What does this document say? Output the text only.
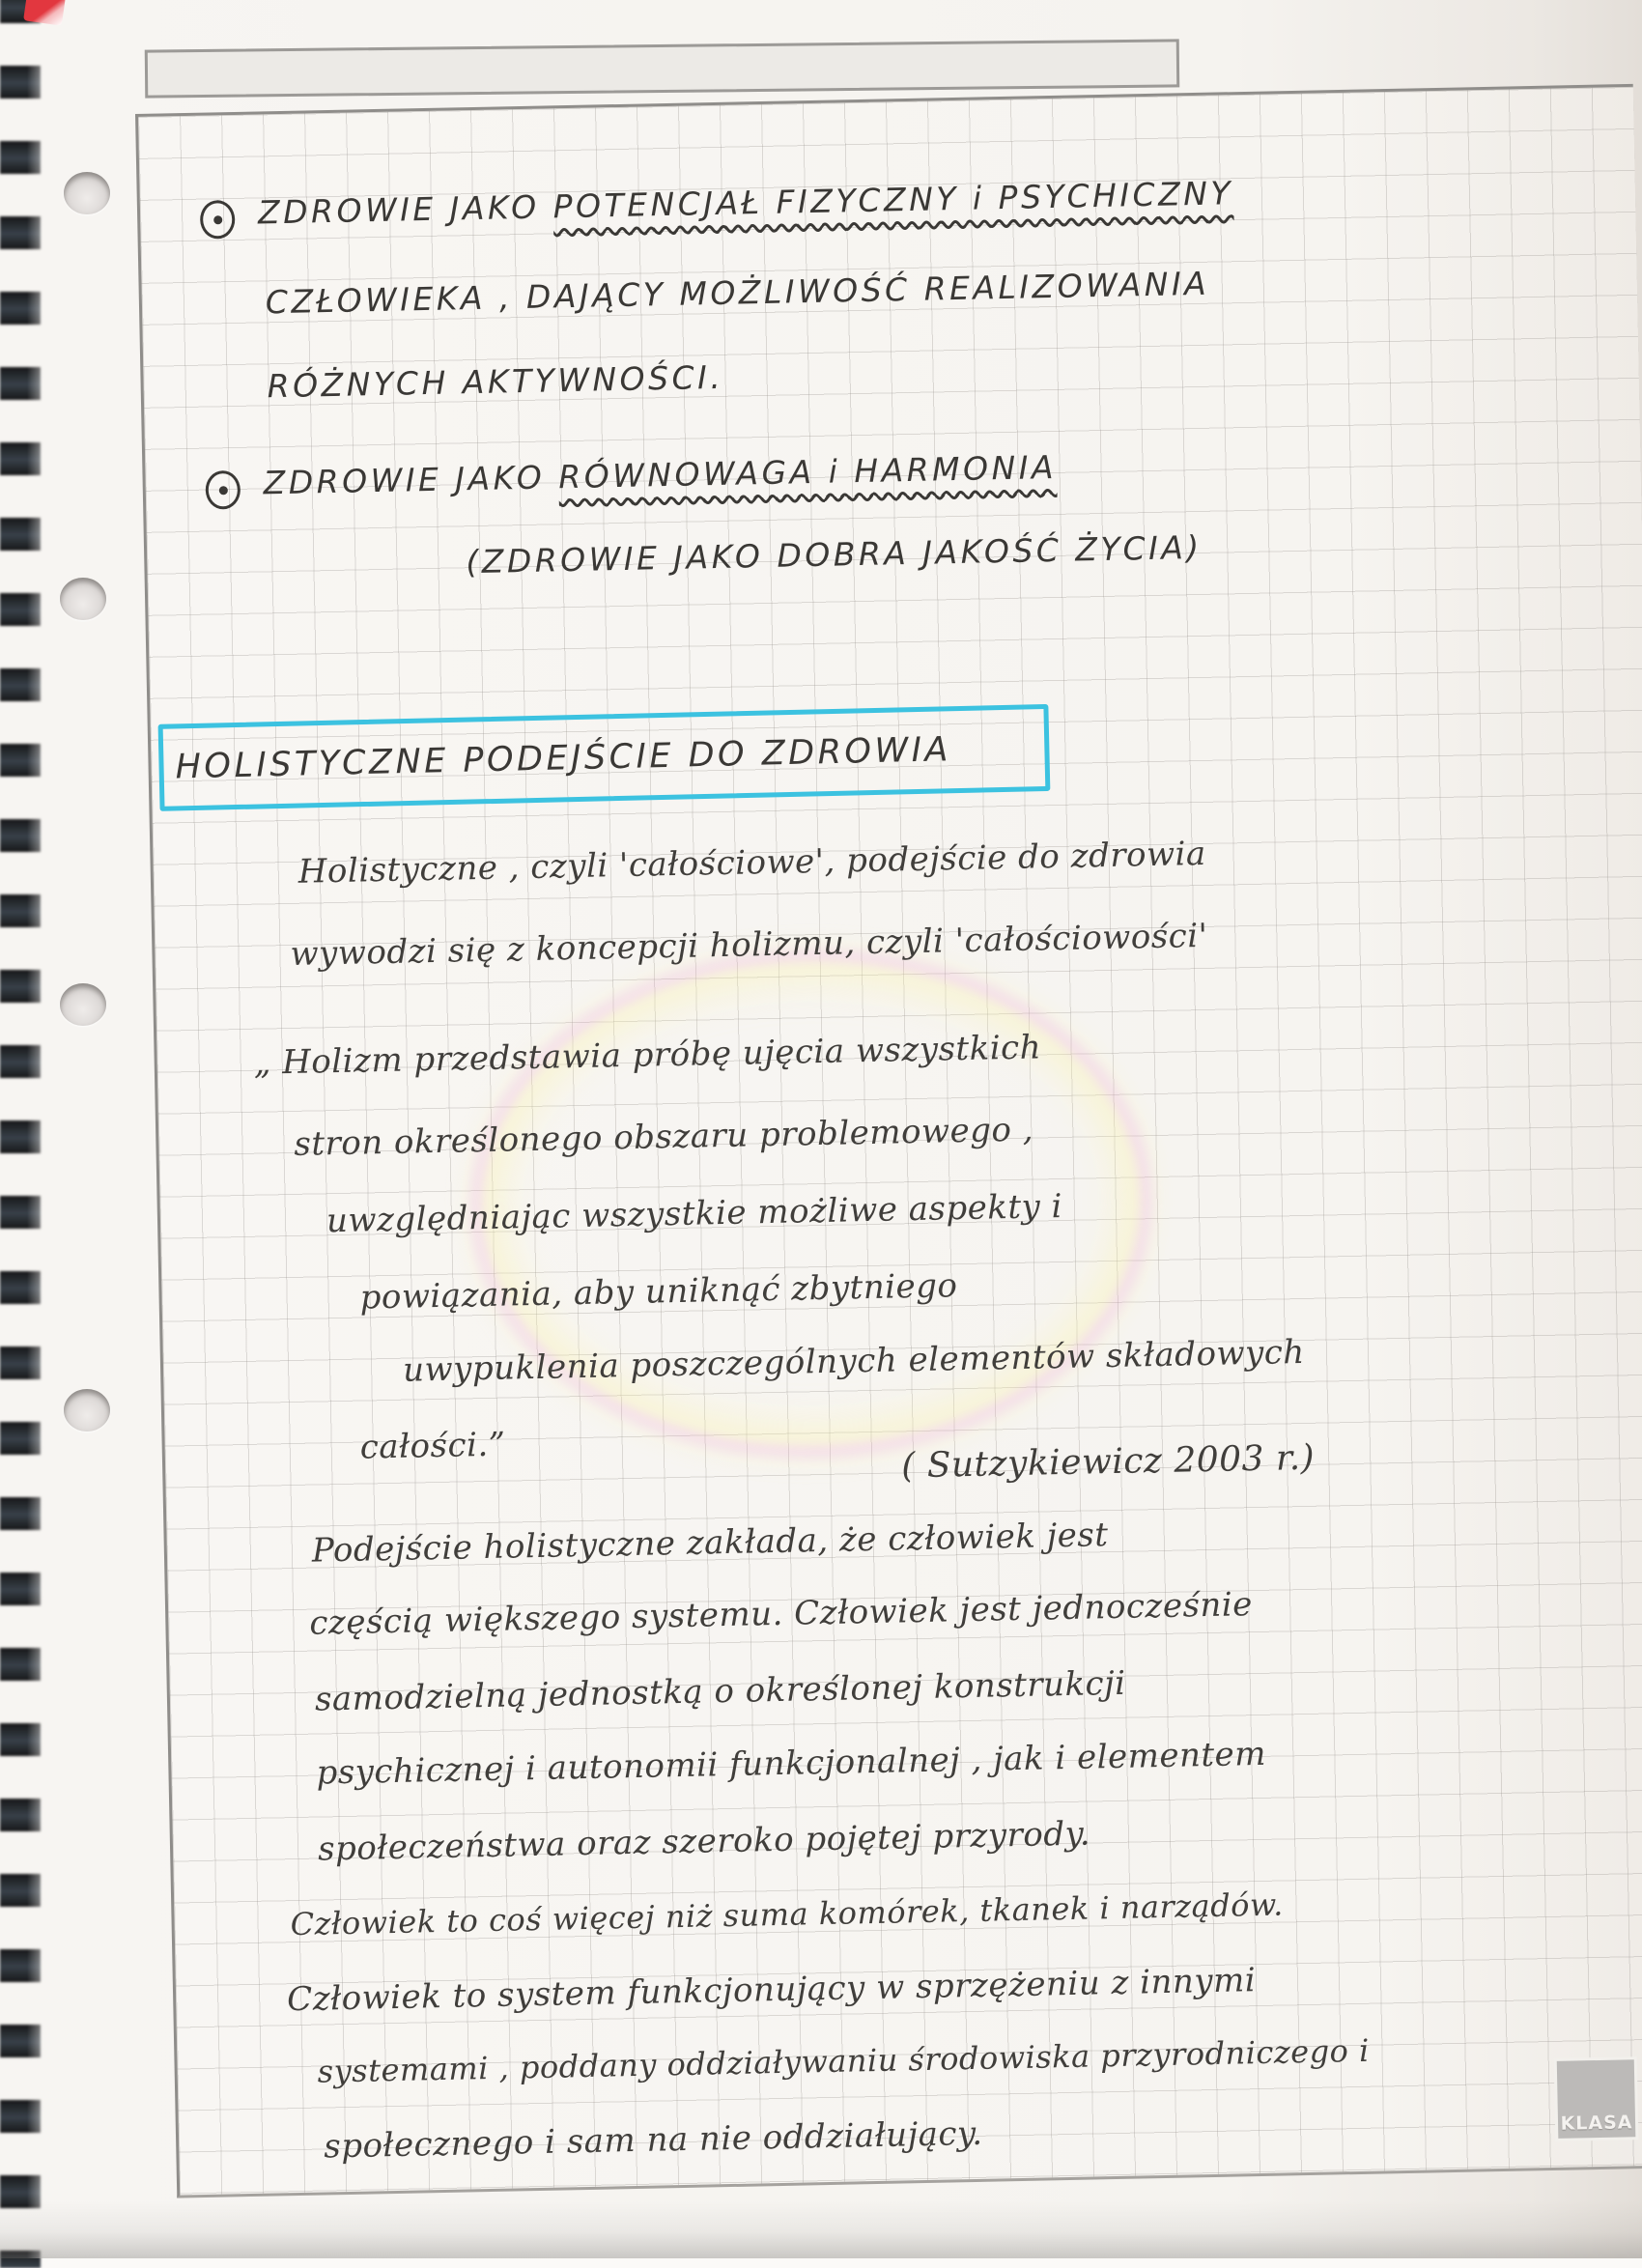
ZDROWIE JAKO POTENCJAŁ FIZYCZNY i PSYCHICZNY
CZŁOWIEKA , DAJĄCY MOŻLIWOŚĆ REALIZOWANIA
RÓŻNYCH AKTYWNOŚCI.
ZDROWIE JAKO RÓWNOWAGA i HARMONIA
(ZDROWIE JAKO DOBRA JAKOŚĆ ŻYCIA)
HOLISTYCZNE PODEJŚCIE DO ZDROWIA
Holistyczne , czyli 'całościowe', podejście do zdrowia
wywodzi się z koncepcji holizmu, czyli 'całościowości'
„ Holizm przedstawia próbę ujęcia wszystkich
stron określonego obszaru problemowego ,
uwzględniając wszystkie możliwe aspekty i
powiązania, aby uniknąć zbytniego
uwypuklenia poszczególnych elementów składowych
całości.”	( Sutzykiewicz 2003 r.)
Podejście holistyczne zakłada, że człowiek jest
częścią większego systemu. Człowiek jest jednocześnie
samodzielną jednostką o określonej konstrukcji
psychicznej i autonomii funkcjonalnej , jak i elementem
społeczeństwa oraz szeroko pojętej przyrody.
Człowiek to coś więcej niż suma komórek, tkanek i narządów.
Człowiek to system funkcjonujący w sprzężeniu z innymi
systemami , poddany oddziaływaniu środowiska przyrodniczego i
społecznego i sam na nie oddziałujący.	KLASA
